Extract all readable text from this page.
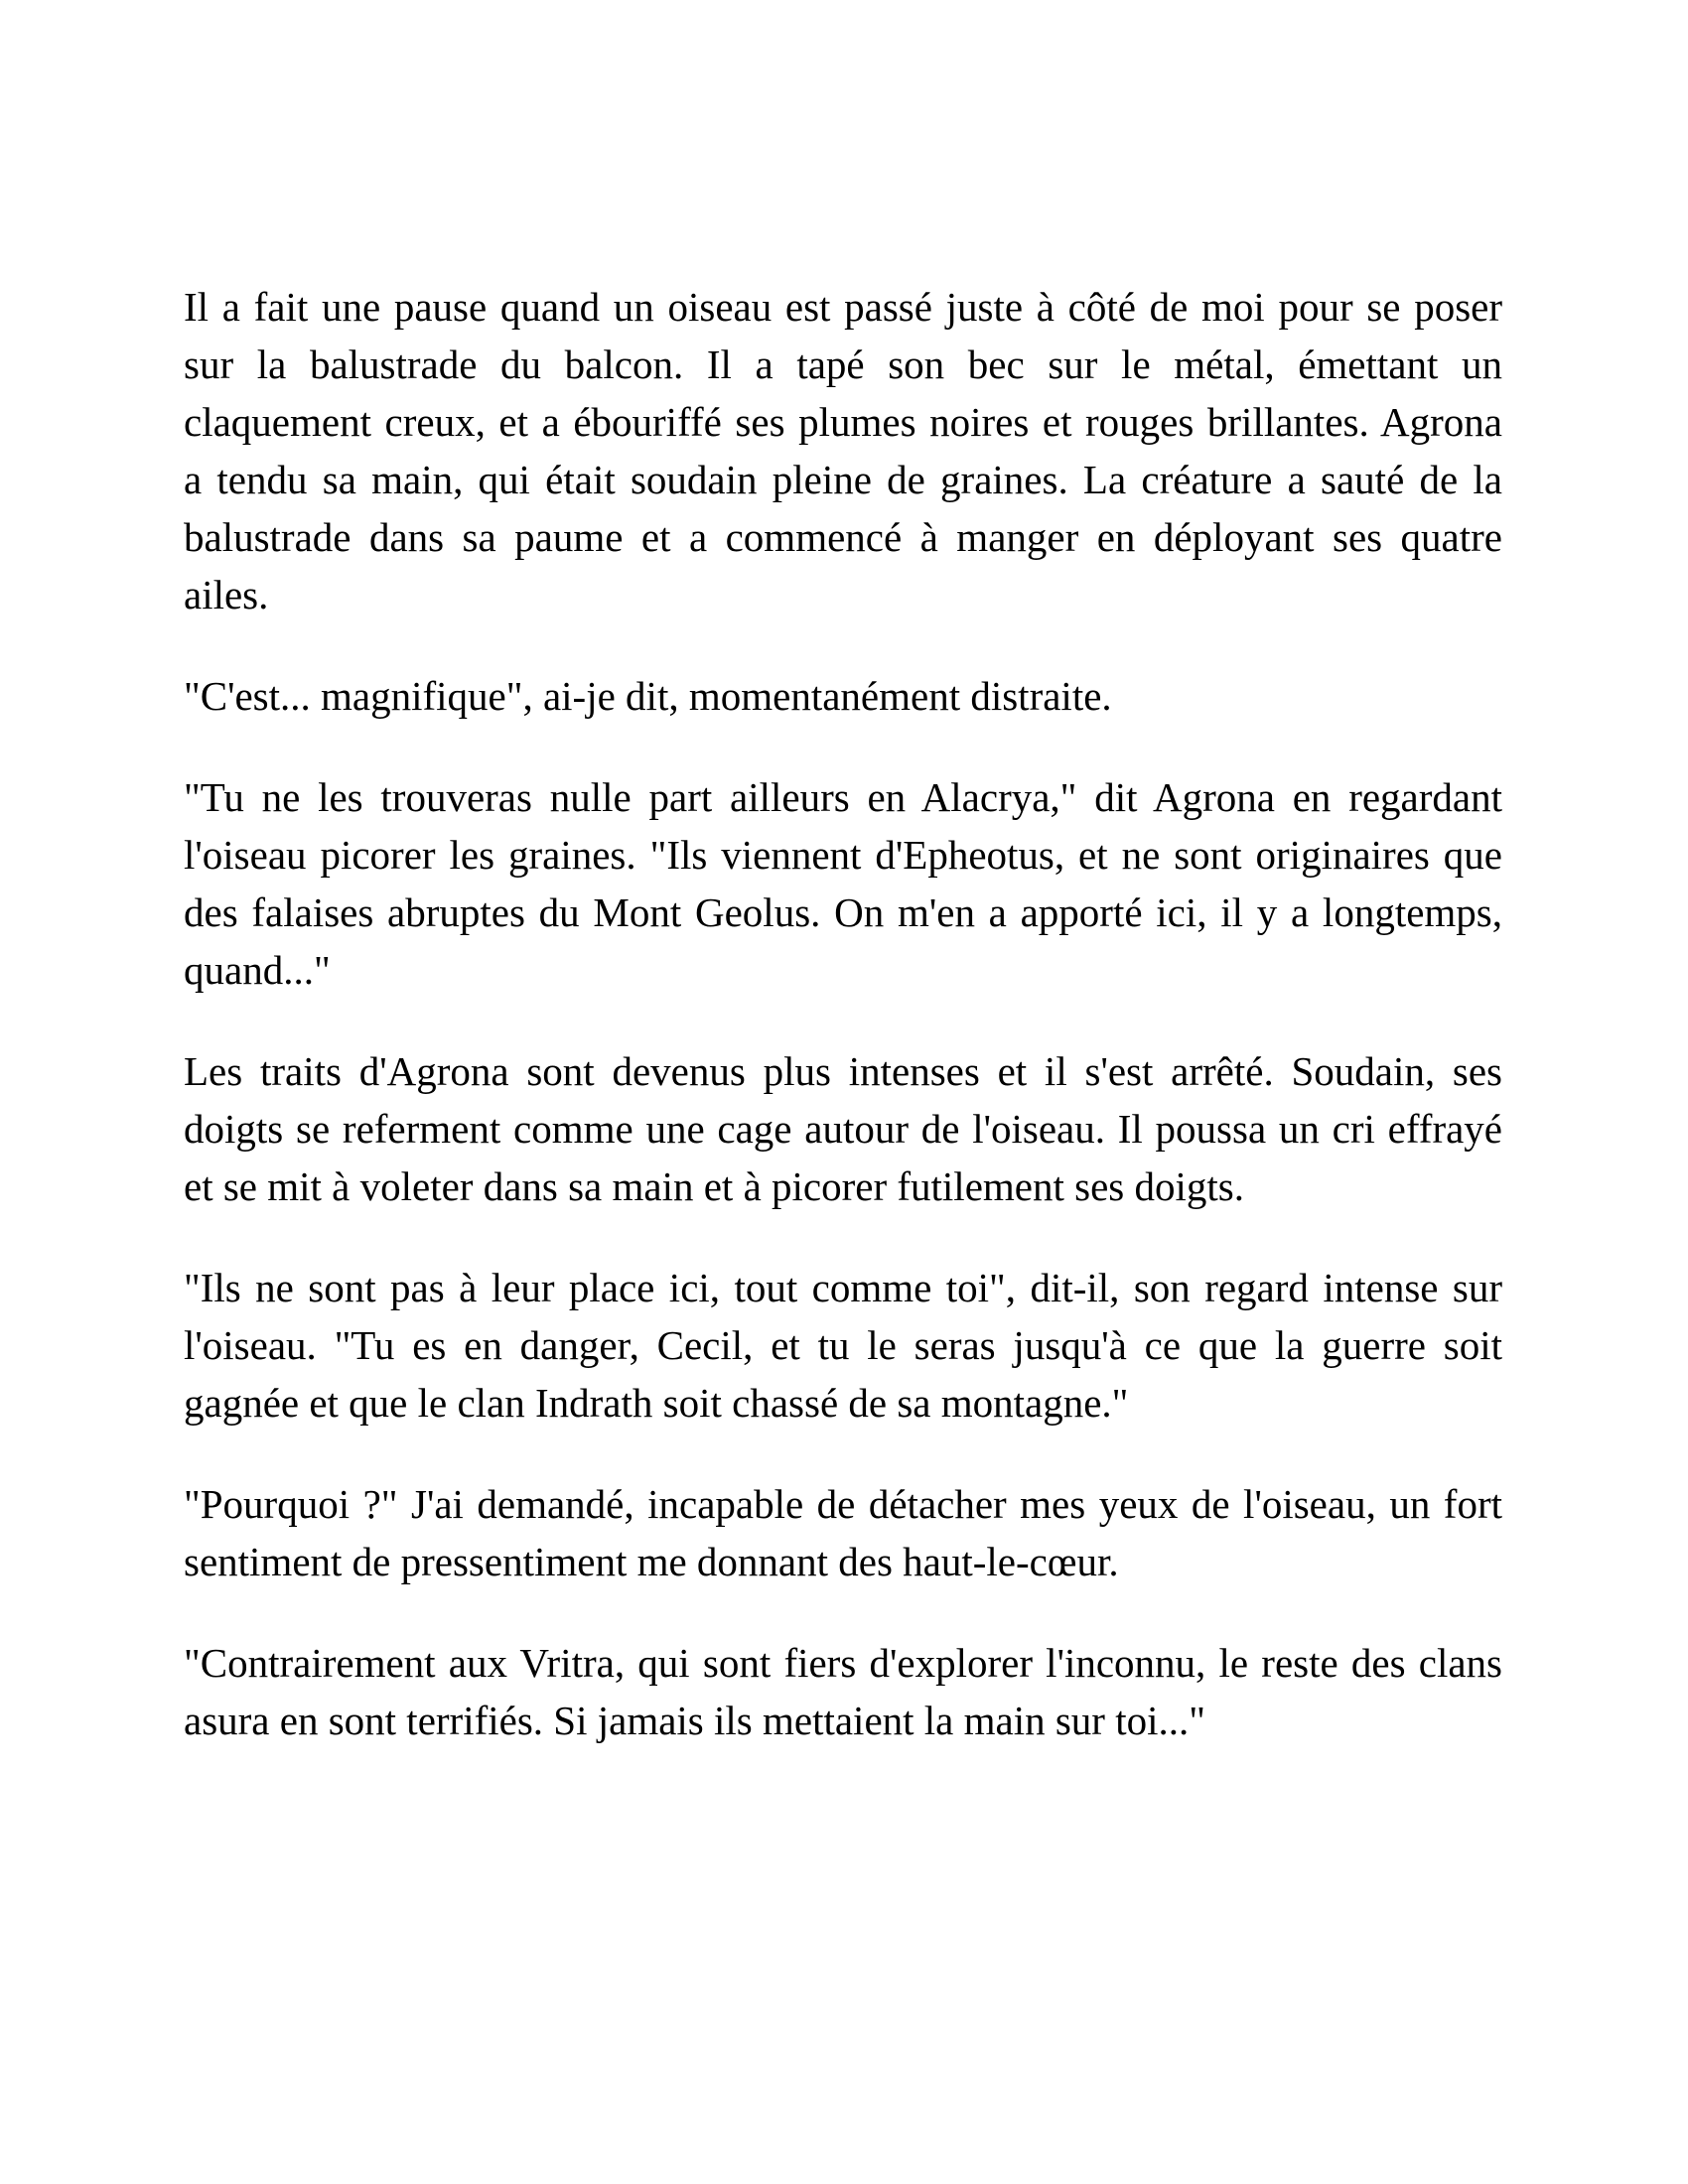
Il a fait une pause quand un oiseau est passé juste à côté de moi pour se poser
sur la balustrade du balcon. Il a tapé son bec sur le métal, émettant un
claquement creux, et a ébouriffé ses plumes noires et rouges brillantes. Agrona
a tendu sa main, qui était soudain pleine de graines. La créature a sauté de la
balustrade dans sa paume et a commencé à manger en déployant ses quatre
ailes.

"C'est... magnifique", ai-je dit, momentanément distraite.

"Tu ne les trouveras nulle part ailleurs en Alacrya," dit Agrona en regardant
l'oiseau picorer les graines. "Ils viennent d'Epheotus, et ne sont originaires que
des falaises abruptes du Mont Geolus. On m'en a apporté ici, il y a longtemps,
quand..."

Les traits d'Agrona sont devenus plus intenses et il s'est arrêté. Soudain, ses
doigts se referment comme une cage autour de l'oiseau. Il poussa un cri effrayé
et se mit à voleter dans sa main et à picorer futilement ses doigts.

"Ils ne sont pas à leur place ici, tout comme toi", dit-il, son regard intense sur
l'oiseau. "Tu es en danger, Cecil, et tu le seras jusqu'à ce que la guerre soit
gagnée et que le clan Indrath soit chassé de sa montagne."

"Pourquoi ?" J'ai demandé, incapable de détacher mes yeux de l'oiseau, un fort
sentiment de pressentiment me donnant des haut-le-cœur.

"Contrairement aux Vritra, qui sont fiers d'explorer l'inconnu, le reste des clans
asura en sont terrifiés. Si jamais ils mettaient la main sur toi..."
